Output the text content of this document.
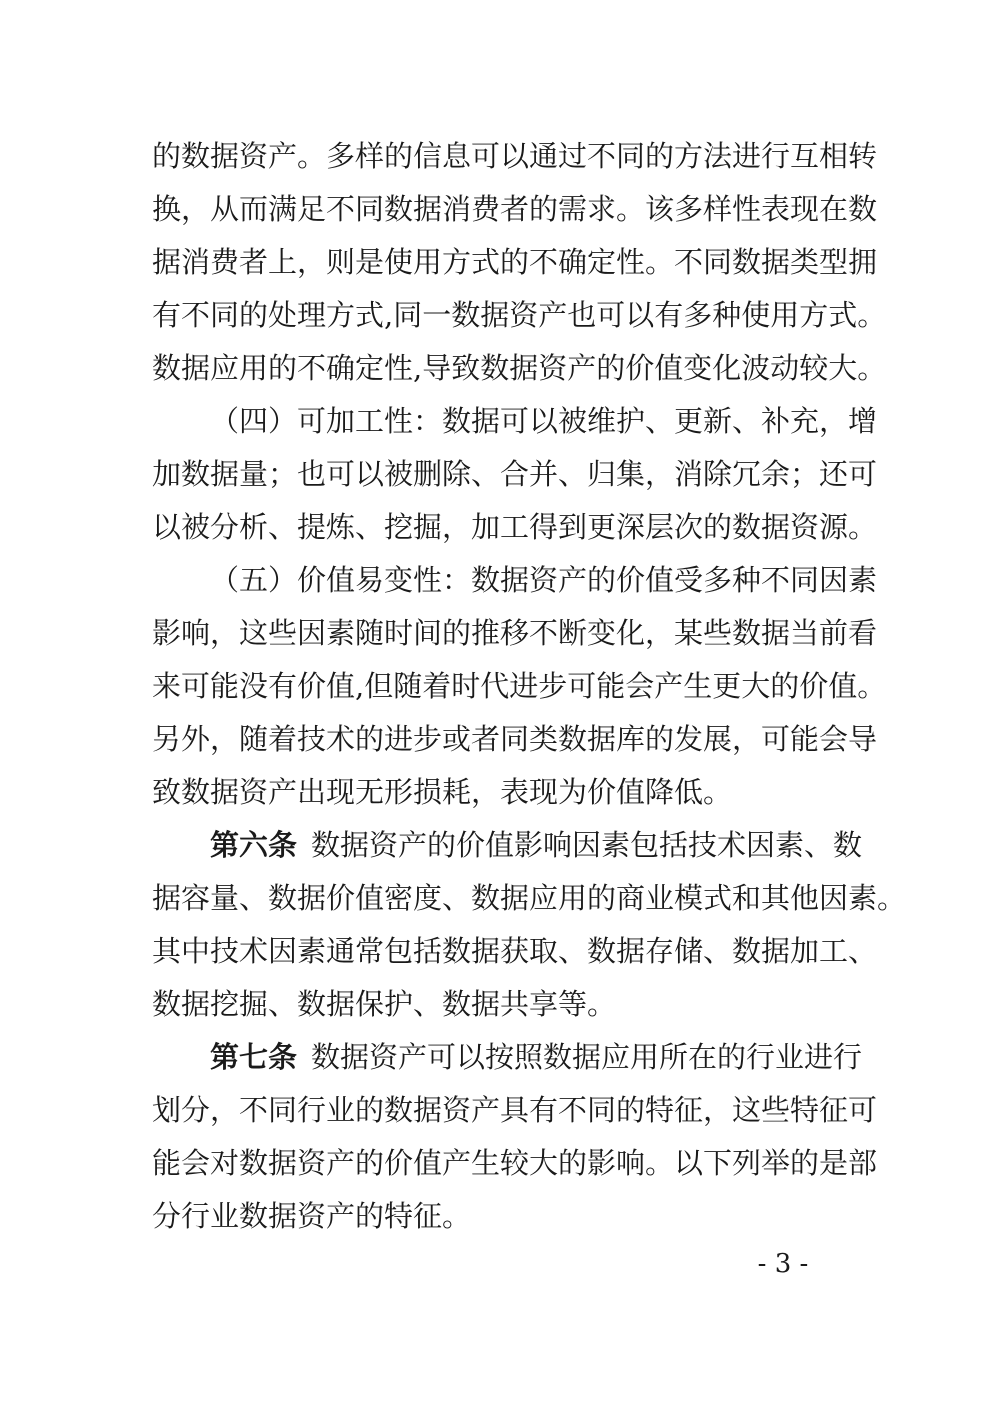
的数据资产。多样的信息可以通过不同的方法进行互相转
换，从而满足不同数据消费者的需求。该多样性表现在数
据消费者上，则是使用方式的不确定性。不同数据类型拥
有不同的处理方式,同一数据资产也可以有多种使用方式。
数据应用的不确定性,导致数据资产的价值变化波动较大。
（四）可加工性：数据可以被维护、更新、补充，增
加数据量；也可以被删除、合并、归集，消除冗余；还可
以被分析、提炼、挖掘，加工得到更深层次的数据资源。
（五）价值易变性：数据资产的价值受多种不同因素
影响，这些因素随时间的推移不断变化，某些数据当前看
来可能没有价值,但随着时代进步可能会产生更大的价值。
另外，随着技术的进步或者同类数据库的发展，可能会导
致数据资产出现无形损耗，表现为价值降低。
第六条 数据资产的价值影响因素包括技术因素、数
据容量、数据价值密度、数据应用的商业模式和其他因素。
其中技术因素通常包括数据获取、数据存储、数据加工、
数据挖掘、数据保护、数据共享等。
第七条 数据资产可以按照数据应用所在的行业进行
划分，不同行业的数据资产具有不同的特征，这些特征可
能会对数据资产的价值产生较大的影响。以下列举的是部
分行业数据资产的特征。
- 3 -
